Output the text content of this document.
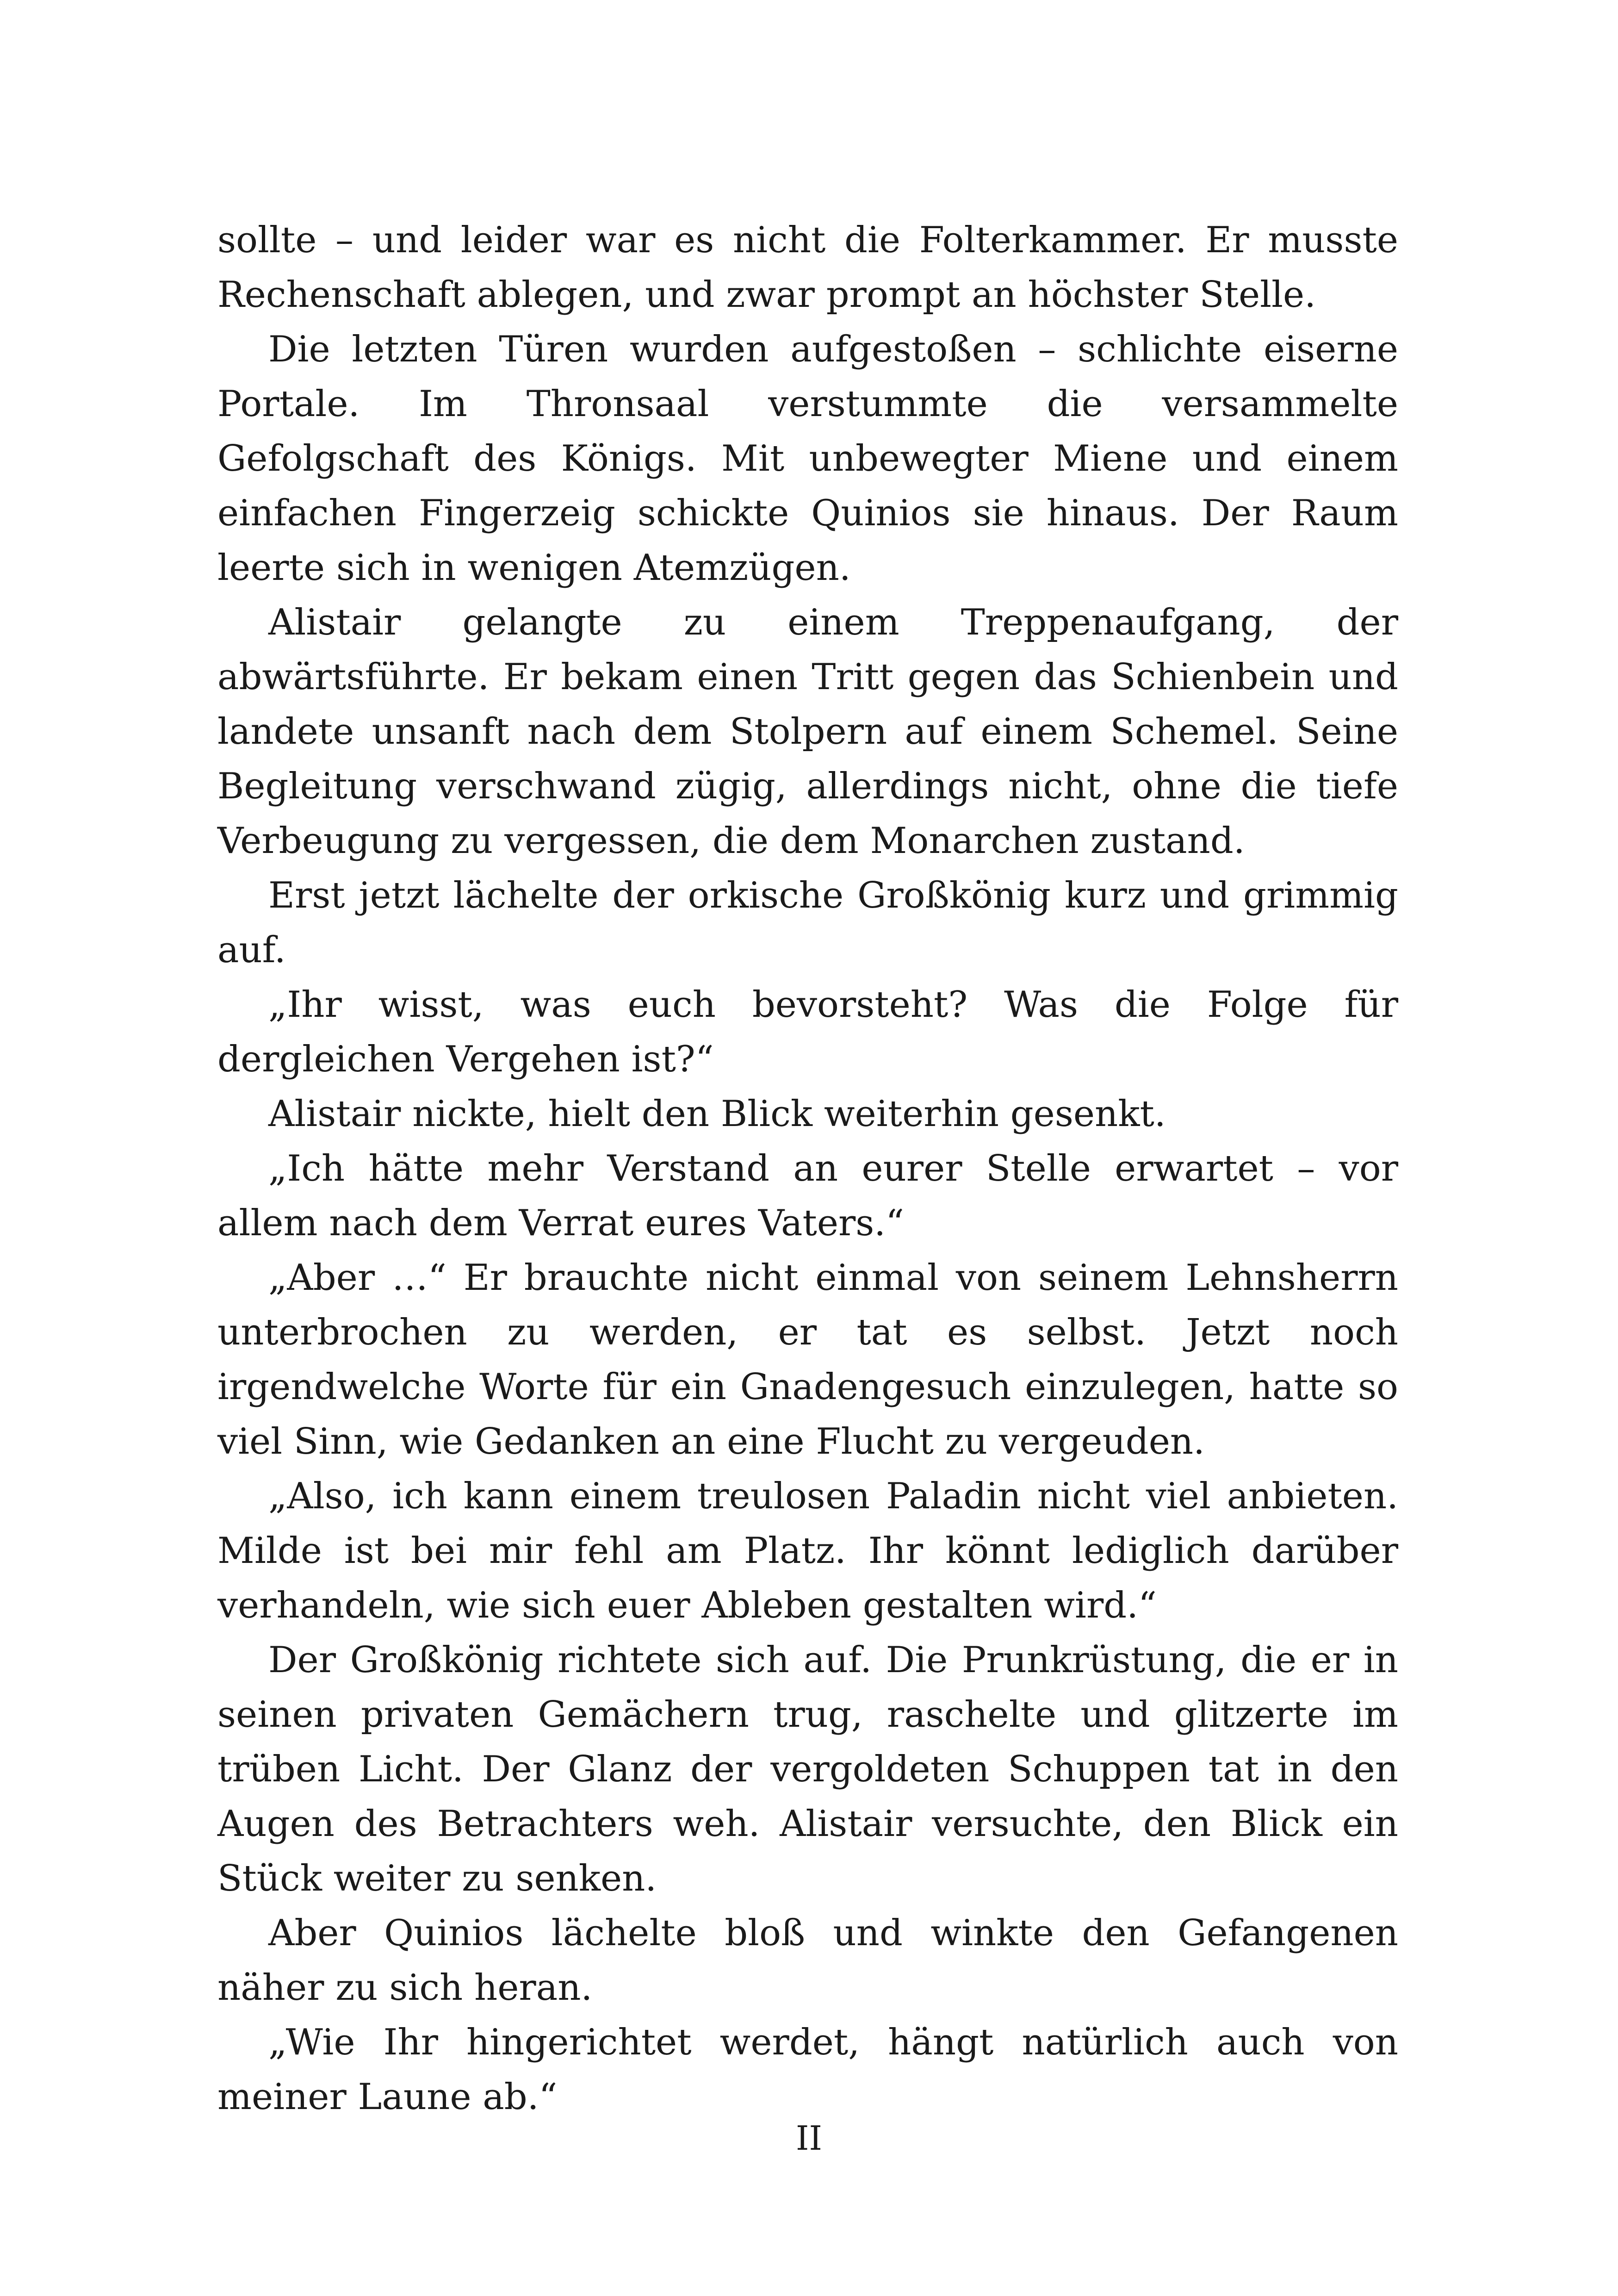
sollte – und leider war es nicht die Folterkammer. Er musste Rechenschaft ablegen, und zwar prompt an höchster Stelle.

Die letzten Türen wurden aufgestoßen – schlichte eiserne Portale. Im Thronsaal verstummte die versammelte Gefolgschaft des Königs. Mit unbewegter Miene und einem einfachen Fingerzeig schickte Quinios sie hinaus. Der Raum leerte sich in wenigen Atemzügen.

Alistair gelangte zu einem Treppenaufgang, der abwärtsführte. Er bekam einen Tritt gegen das Schienbein und landete unsanft nach dem Stolpern auf einem Schemel. Seine Begleitung verschwand zügig, allerdings nicht, ohne die tiefe Verbeugung zu vergessen, die dem Monarchen zustand.

Erst jetzt lächelte der orkische Großkönig kurz und grimmig auf.

„Ihr wisst, was euch bevorsteht? Was die Folge für dergleichen Vergehen ist?“

Alistair nickte, hielt den Blick weiterhin gesenkt.

„Ich hätte mehr Verstand an eurer Stelle erwartet – vor allem nach dem Verrat eures Vaters.“

„Aber …“ Er brauchte nicht einmal von seinem Lehnsherrn unterbrochen zu werden, er tat es selbst. Jetzt noch irgendwelche Worte für ein Gnadengesuch einzulegen, hatte so viel Sinn, wie Gedanken an eine Flucht zu vergeuden.

„Also, ich kann einem treulosen Paladin nicht viel anbieten. Milde ist bei mir fehl am Platz. Ihr könnt lediglich darüber verhandeln, wie sich euer Ableben gestalten wird.“

Der Großkönig richtete sich auf. Die Prunkrüstung, die er in seinen privaten Gemächern trug, raschelte und glitzerte im trüben Licht. Der Glanz der vergoldeten Schuppen tat in den Augen des Betrachters weh. Alistair versuchte, den Blick ein Stück weiter zu senken.

Aber Quinios lächelte bloß und winkte den Gefangenen näher zu sich heran.

„Wie Ihr hingerichtet werdet, hängt natürlich auch von meiner Laune ab.“

II
